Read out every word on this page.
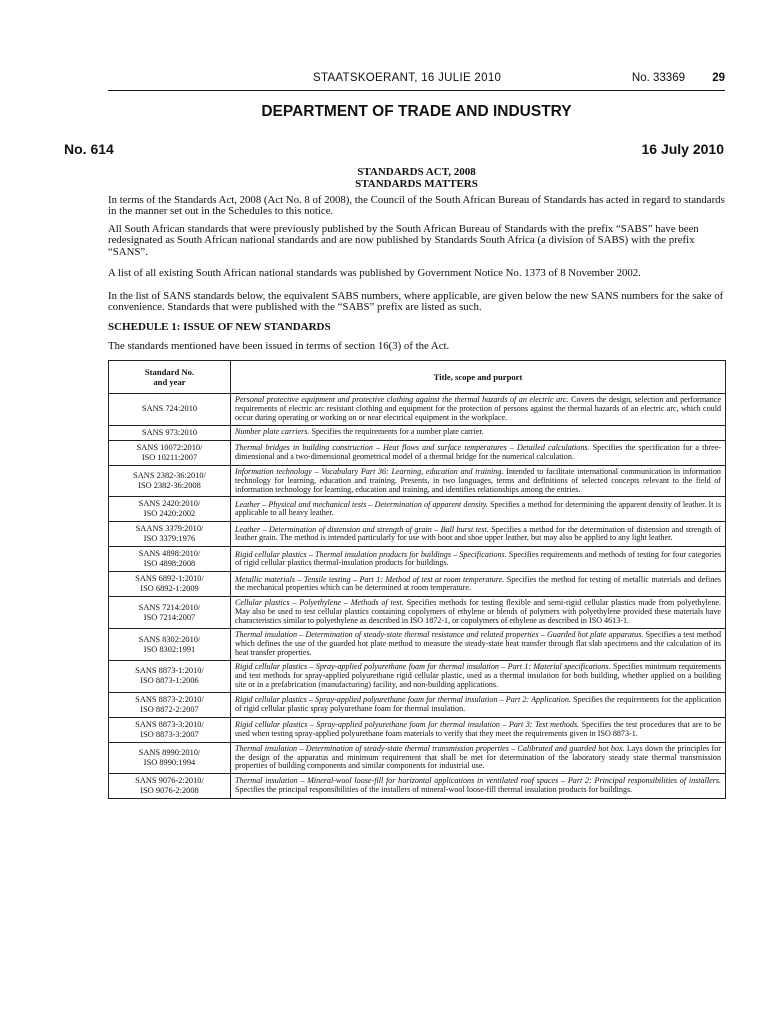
STAATSKOERANT, 16 JULIE 2010	No. 33369 29
DEPARTMENT OF TRADE AND INDUSTRY
No. 614	16 July 2010
STANDARDS ACT, 2008
STANDARDS MATTERS
In terms of the Standards Act, 2008 (Act No. 8 of 2008), the Council of the South African Bureau of Standards has acted in regard to standards in the manner set out in the Schedules to this notice.
All South African standards that were previously published by the South African Bureau of Standards with the prefix “SABS” have been redesignated as South African national standards and are now published by Standards South Africa (a division of SABS) with the prefix “SANS”.
A list of all existing South African national standards was published by Government Notice No. 1373 of 8 November 2002.
In the list of SANS standards below, the equivalent SABS numbers, where applicable, are given below the new SANS numbers for the sake of convenience. Standards that were published with the “SABS” prefix are listed as such.
SCHEDULE 1: ISSUE OF NEW STANDARDS
The standards mentioned have been issued in terms of section 16(3) of the Act.
Standard No.
and year	Title, scope and purport

SANS 724:2010	Personal protective equipment and protective clothing against the thermal hazards of an electric arc. Covers the design, selection and performance requirements of electric arc resistant clothing and equipment for the protection of persons against the thermal hazards of an electric arc, which could occur during operating or working on or near electrical equipment in the workplace.

SANS 973:2010	Number plate carriers. Specifies the requirements for a number plate carrier.

SANS 10072:2010/
ISO 10211:2007	Thermal bridges in building construction – Heat flows and surface temperatures – Detailed calculations. Specifies the specification for a three-dimensional and a two-dimensional geometrical model of a thermal bridge for the numerical calculation.

SANS 2382-36:2010/
ISO 2382-36:2008	Information technology – Vocabulary Part 36: Learning, education and training. Intended to facilitate international communication in information technology for learning, education and training. Presents, in two languages, terms and definitions of selected concepts relevant to the field of information technology for learning, education and training, and identifies relationships among the entries.

SANS 2420:2010/
ISO 2420:2002	Leather – Physical and mechanical tests – Determination of apparent density. Specifies a method for determining the apparent density of leather. It is applicable to all heavy leather.

SAANS 3379:2010/
ISO 3379:1976	Leather – Determination of distension and strength of grain – Ball burst test. Specifies a method for the determination of distension and strength of leather grain. The method is intended particularly for use with boot and shoe upper leather, but may also be applied to any light leather.

SANS 4898:2010/
ISO 4898:2008	Rigid cellular plastics – Thermal insulation products for buildings – Specifications. Specifies requirements and methods of testing for four categories of rigid cellular plastics thermal-insulation products for buildings.

SANS 6892-1:2010/
ISO 6892-1:2009	Metallic materials – Tensile testing – Part 1: Method of test at room temperature. Specifies the method for testing of metallic materials and defines the mechanical properties which can be determined at room temperature.

SANS 7214:2010/
ISO 7214:2007	Cellular plastics – Polyethylene – Methods of test. Specifies methods for testing flexible and semi-rigid cellular plastics made from polyethylene. May also be used to test cellular plastics containing copolymers of ethylene or blends of polymers with polyethylene provided these materials have characteristics similar to polyethylene as described in ISO 1872-1, or copolymers of ethylene as described in ISO 4613-1.

SANS 8302:2010/
ISO 8302:1991	Thermal insulation – Determination of steady-state thermal resistance and related properties – Guarded hot plate apparatus. Specifies a test method which defines the use of the guarded hot plate method to measure the steady-state heat transfer through flat slab specimens and the calculation of its heat transfer properties.

SANS 8873-1:2010/
ISO 8873-1:2006	Rigid cellular plastics – Spray-applied polyurethane foam for thermal insulation – Part 1: Material specifications. Specifies minimum requirements and test methods for spray-applied polyurethane rigid cellular plastic, used as a thermal insulation for both building, whether applied on a building site or in a prefabrication (manufacturing) facility, and non-building applications.

SANS 8873-2:2010/
ISO 8872-2:2007	Rigid cellular plastics – Spray-applied polyurethane foam for thermal insulation – Part 2: Application. Specifies the requirements for the application of rigid cellular plastic spray polyurethane foam for thermal insulation.

SANS 8873-3:2010/
ISO 8873-3:2007	Rigid cellular plastics – Spray-applied polyurethane foam for thermal insulation – Part 3: Test methods. Specifies the test procedures that are to be used when testing spray-applied polyurethane foam materials to verify that they meet the requirements given in ISO 8873-1.

SANS 8990:2010/
ISO 8990:1994	Thermal insulation – Determination of steady-state thermal transmission properties – Calibrated and guarded hot box. Lays down the principles for the design of the apparatus and minimum requirement that shall be met for determination of the laboratory steady state thermal transmission properties of building components and similar components for industrial use.

SANS 9076-2:2010/
ISO 9076-2:2008	Thermal insulation – Mineral-wool loose-fill for horizontal applications in ventilated roof spaces – Part 2: Principal responsibilities of installers. Specifies the principal responsibilities of the installers of mineral-wool loose-fill thermal insulation products for buildings.
